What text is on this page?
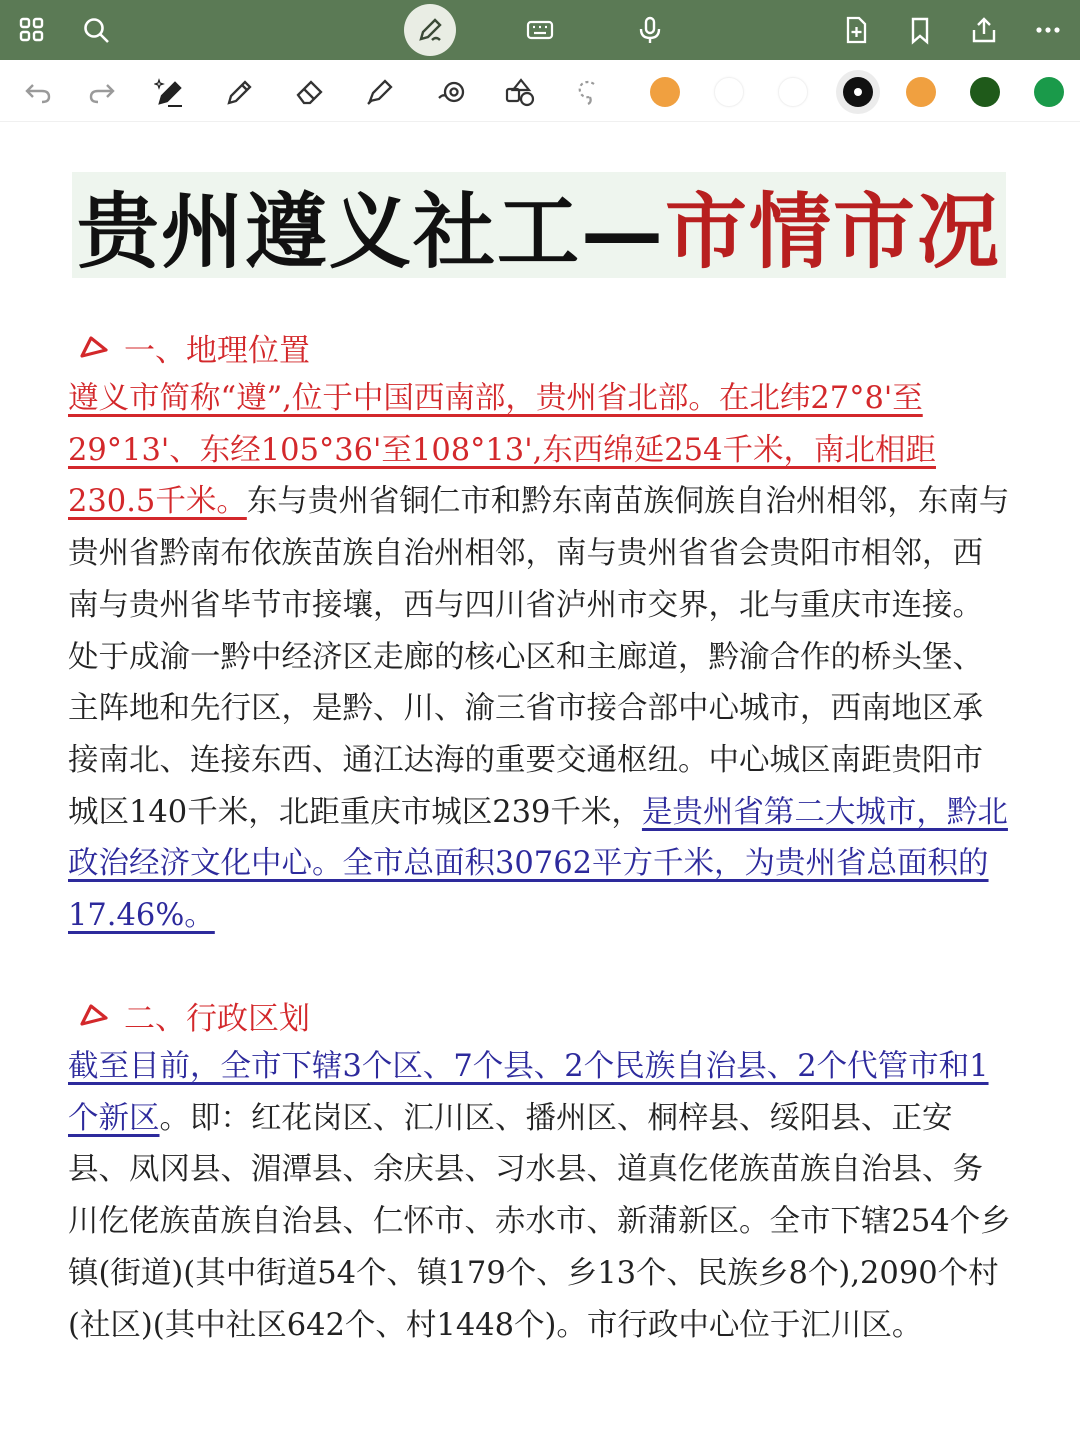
贵州遵义社工—市情市况
一、地理位置
遵义市简称“遵”,位于中国西南部，贵州省北部。在北纬27°8'至29°13'、东经105°36'至108°13',东西绵延254千米，南北相距230.5千米。东与贵州省铜仁市和黔东南苗族侗族自治州相邻，东南与贵州省黔南布依族苗族自治州相邻，南与贵州省省会贵阳市相邻，西南与贵州省毕节市接壤，西与四川省泸州市交界，北与重庆市连接。处于成渝一黔中经济区走廊的核心区和主廊道，黔渝合作的桥头堡、主阵地和先行区，是黔、川、渝三省市接合部中心城市，西南地区承接南北、连接东西、通江达海的重要交通枢纽。中心城区南距贵阳市城区140千米，北距重庆市城区239千米，是贵州省第二大城市，黔北政治经济文化中心。全市总面积30762平方千米，为贵州省总面积的17.46%。
二、行政区划
截至目前，全市下辖3个区、7个县、2个民族自治县、2个代管市和1个新区。即：红花岗区、汇川区、播州区、桐梓县、绥阳县、正安县、凤冈县、湄潭县、余庆县、习水县、道真仡佬族苗族自治县、务川仡佬族苗族自治县、仁怀市、赤水市、新蒲新区。全市下辖254个乡镇(街道)(其中街道54个、镇179个、乡13个、民族乡8个),2090个村(社区)(其中社区642个、村1448个)。市行政中心位于汇川区。
